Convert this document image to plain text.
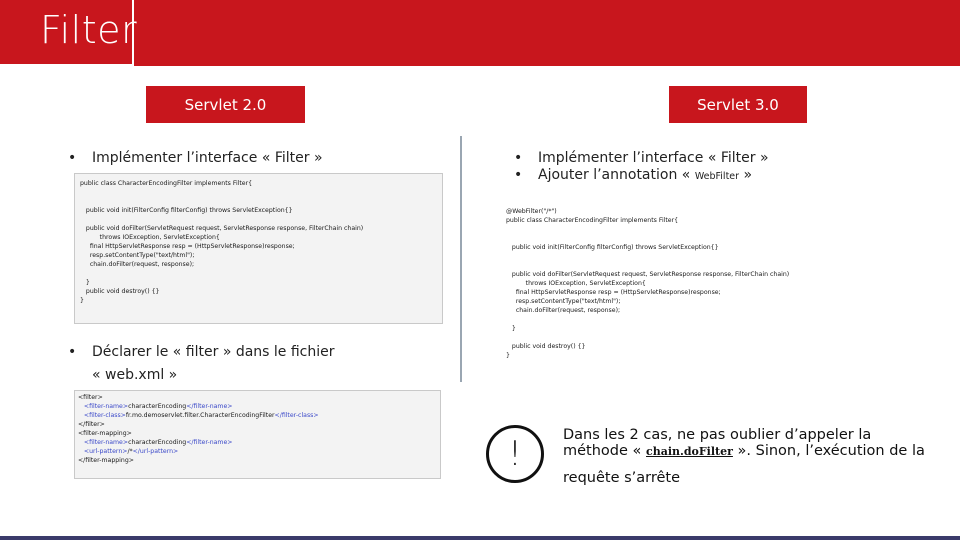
Filter
Servlet 2.0	Servlet 3.0
• Implémenter l’interface « Filter »
public class CharacterEncodingFilter implements Filter{

public void init(FilterConfig filterConfig) throws ServletException{}

public void doFilter(ServletRequest request, ServletResponse response, FilterChain chain)
throws IOException, ServletException{
final HttpServletResponse resp = (HttpServletResponse)response;
resp.setContentType("text/html");
chain.doFilter(request, response);

}
public void destroy() {}
}
• Déclarer le « filter » dans le fichier
« web.xml »
<filter>
<filter-name>characterEncoding</filter-name>
<filter-class>fr.mo.demoservlet.filter.CharacterEncodingFilter</filter-class>
</filter>
<filter-mapping>
<filter-name>characterEncoding</filter-name>
<url-pattern>/*</url-pattern>
</filter-mapping>
• Implémenter l’interface « Filter »
• Ajouter l’annotation « WebFilter »
@WebFilter("/*")
public class CharacterEncodingFilter implements Filter{

public void init(FilterConfig filterConfig) throws ServletException{}

public void doFilter(ServletRequest request, ServletResponse response, FilterChain chain)
throws IOException, ServletException{
final HttpServletResponse resp = (HttpServletResponse)response;
resp.setContentType("text/html");
chain.doFilter(request, response);

}

public void destroy() {}
}
!	Dans les 2 cas, ne pas oublier d’appeler la
méthode « chain.doFilter ». Sinon, l’exécution de la
requête s’arrête
